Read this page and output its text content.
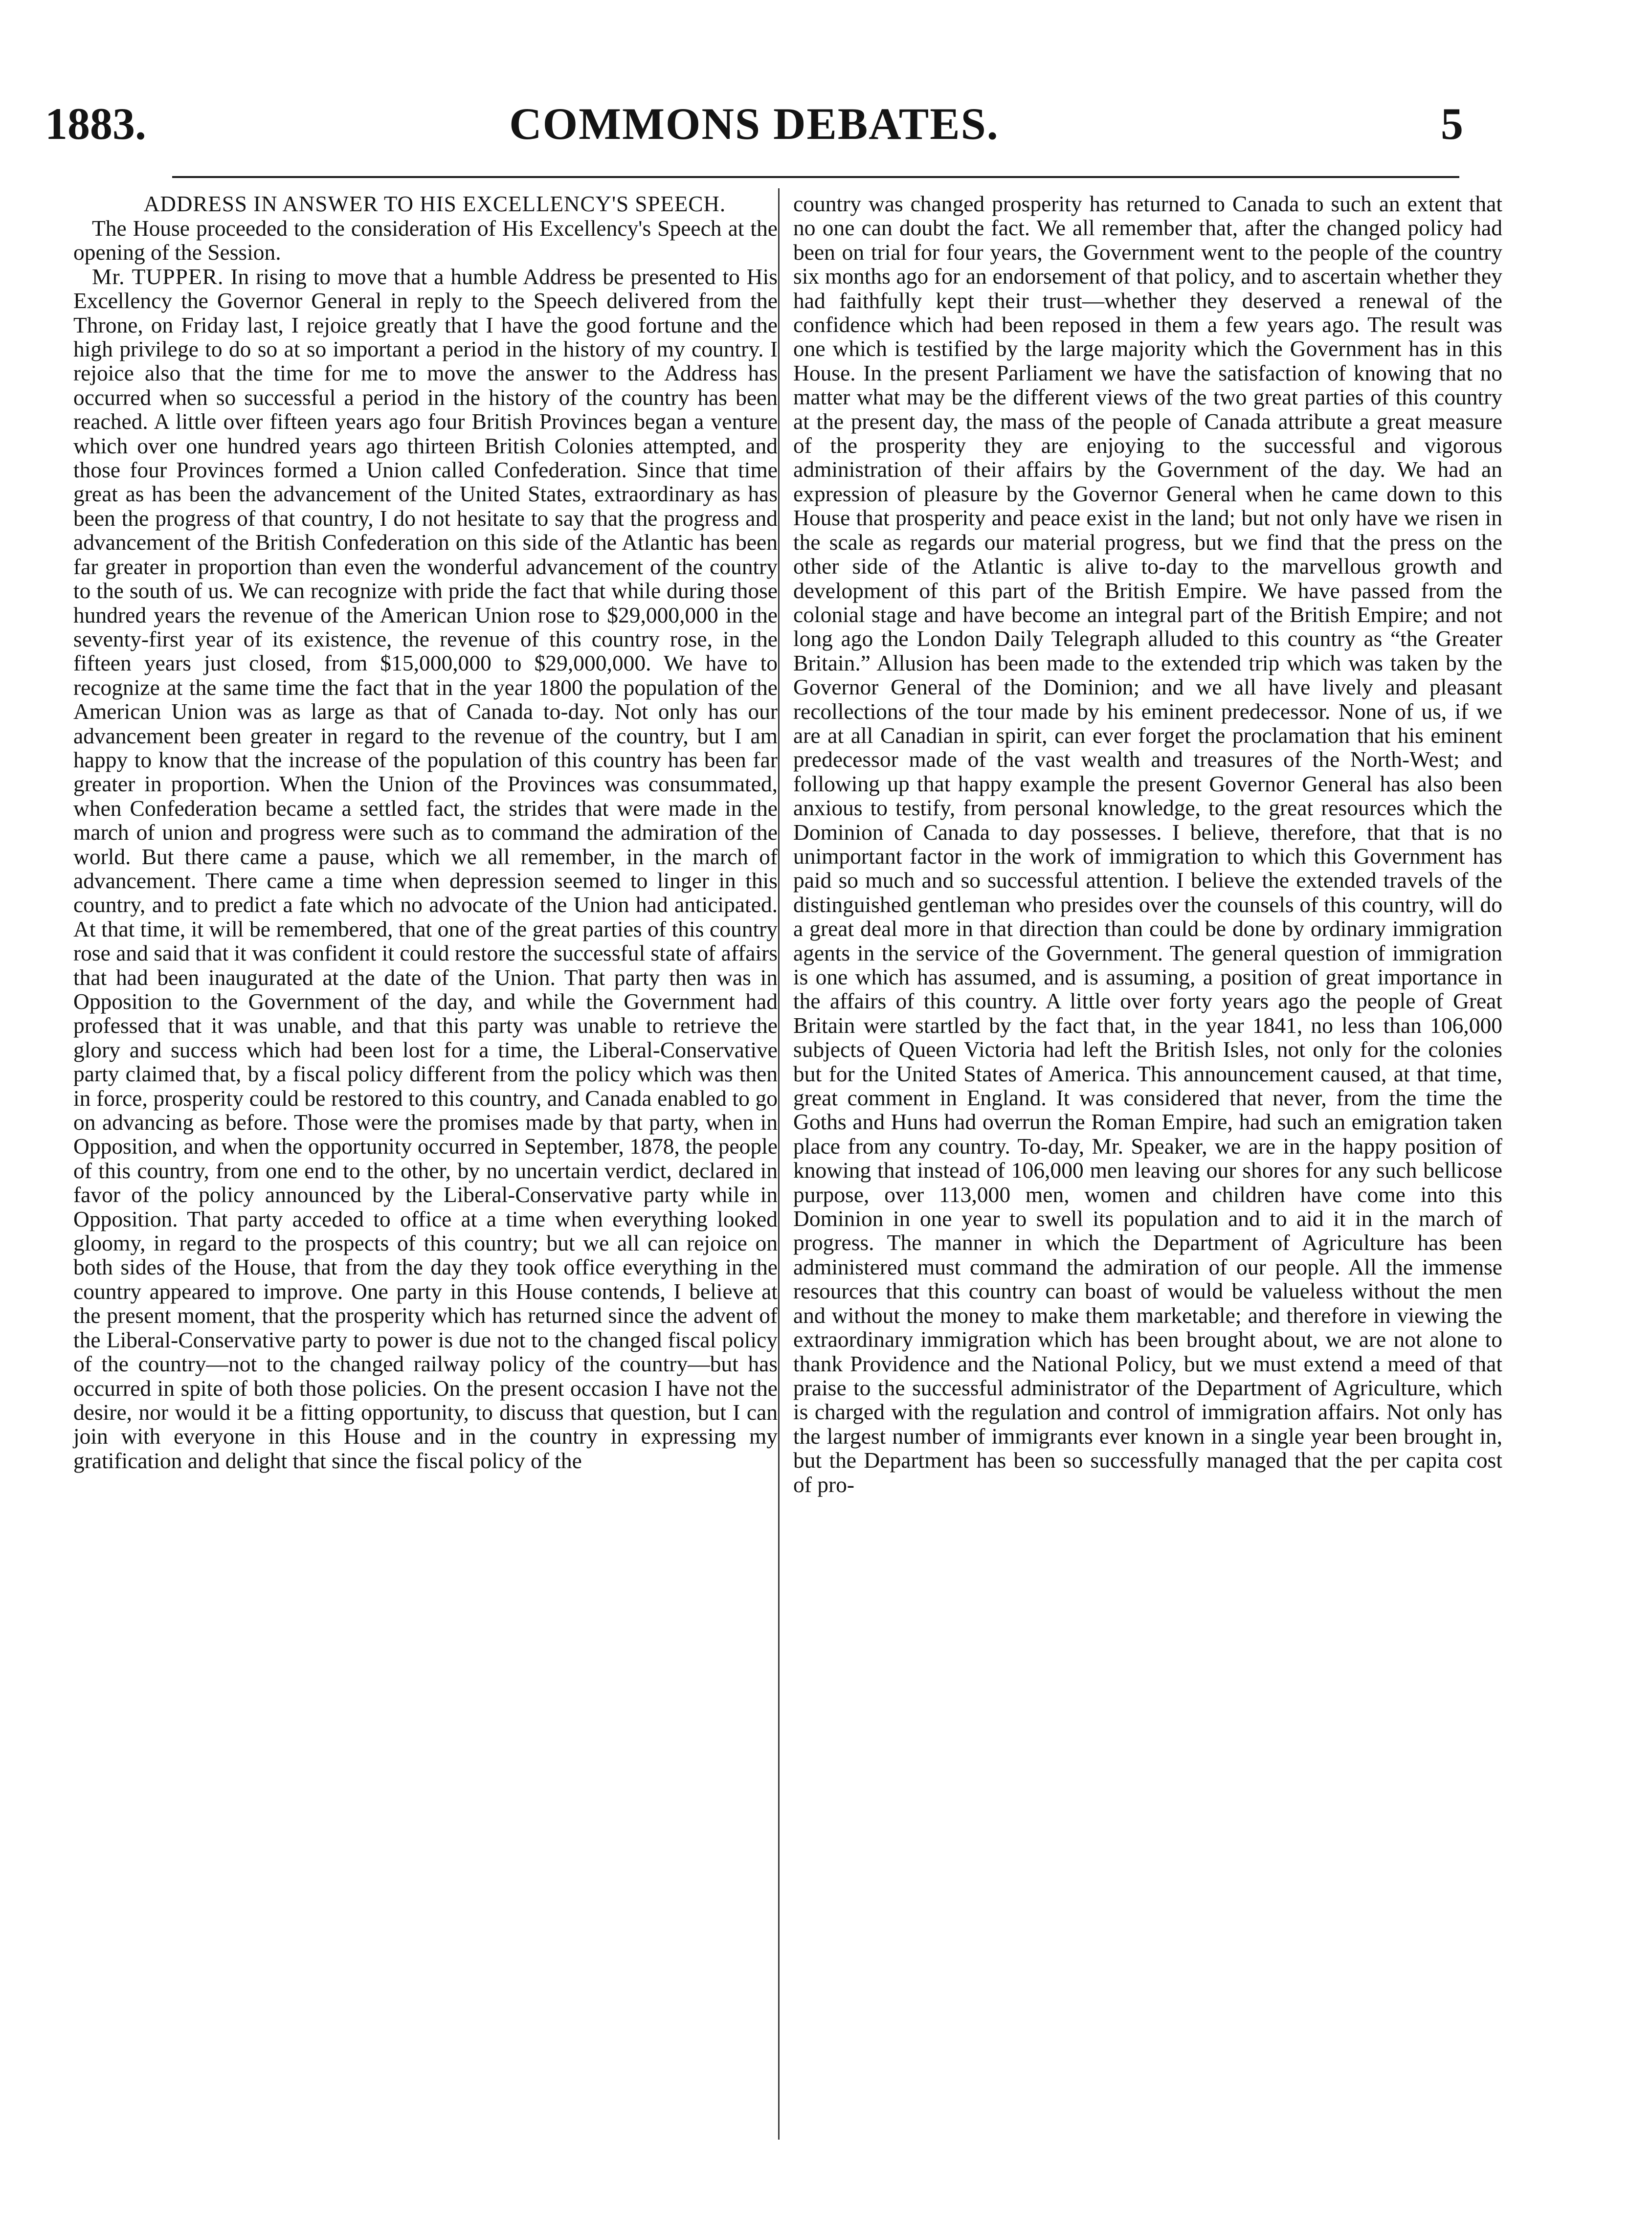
1883.	COMMONS DEBATES.	5

ADDRESS IN ANSWER TO HIS EXCELLENCY'S SPEECH.

The House proceeded to the consideration of His Excellency's Speech at the opening of the Session.

Mr. TUPPER. In rising to move that a humble Address be presented to His Excellency the Governor General in reply to the Speech delivered from the Throne, on Friday last, I rejoice greatly that I have the good fortune and the high privilege to do so at so important a period in the history of my country. I rejoice also that the time for me to move the answer to the Address has occurred when so successful a period in the history of the country has been reached. A little over fifteen years ago four British Provinces began a venture which over one hundred years ago thirteen British Colonies attempted, and those four Provinces formed a Union called Confederation. Since that time great as has been the advancement of the United States, extraordinary as has been the progress of that country, I do not hesitate to say that the progress and advancement of the British Confederation on this side of the Atlantic has been far greater in proportion than even the wonderful advancement of the country to the south of us. We can recognize with pride the fact that while during those hundred years the revenue of the American Union rose to $29,000,000 in the seventy-first year of its existence, the revenue of this country rose, in the fifteen years just closed, from $15,000,000 to $29,000,000. We have to recognize at the same time the fact that in the year 1800 the population of the American Union was as large as that of Canada to-day. Not only has our advancement been greater in regard to the revenue of the country, but I am happy to know that the increase of the population of this country has been far greater in proportion. When the Union of the Provinces was consummated, when Confederation became a settled fact, the strides that were made in the march of union and progress were such as to command the admiration of the world. But there came a pause, which we all remember, in the march of advancement. There came a time when depression seemed to linger in this country, and to predict a fate which no advocate of the Union had anticipated. At that time, it will be remembered, that one of the great parties of this country rose and said that it was confident it could restore the successful state of affairs that had been inaugurated at the date of the Union. That party then was in Opposition to the Government of the day, and while the Government had professed that it was unable, and that this party was unable to retrieve the glory and success which had been lost for a time, the Liberal-Conservative party claimed that, by a fiscal policy different from the policy which was then in force, prosperity could be restored to this country, and Canada enabled to go on advancing as before. Those were the promises made by that party, when in Opposition, and when the opportunity occurred in September, 1878, the people of this country, from one end to the other, by no uncertain verdict, declared in favor of the policy announced by the Liberal-Conservative party while in Opposition. That party acceded to office at a time when everything looked gloomy, in regard to the prospects of this country; but we all can rejoice on both sides of the House, that from the day they took office everything in the country appeared to improve. One party in this House contends, I believe at the present moment, that the prosperity which has returned since the advent of the Liberal-Conservative party to power is due not to the changed fiscal policy of the country—not to the changed railway policy of the country—but has occurred in spite of both those policies. On the present occasion I have not the desire, nor would it be a fitting opportunity, to discuss that question, but I can join with everyone in this House and in the country in expressing my gratification and delight that since the fiscal policy of the

country was changed prosperity has returned to Canada to such an extent that no one can doubt the fact. We all remember that, after the changed policy had been on trial for four years, the Government went to the people of the country six months ago for an endorsement of that policy, and to ascertain whether they had faithfully kept their trust—whether they deserved a renewal of the confidence which had been reposed in them a few years ago. The result was one which is testified by the large majority which the Government has in this House. In the present Parliament we have the satisfaction of knowing that no matter what may be the different views of the two great parties of this country at the present day, the mass of the people of Canada attribute a great measure of the prosperity they are enjoying to the successful and vigorous administration of their affairs by the Government of the day. We had an expression of pleasure by the Governor General when he came down to this House that prosperity and peace exist in the land; but not only have we risen in the scale as regards our material progress, but we find that the press on the other side of the Atlantic is alive to-day to the marvellous growth and development of this part of the British Empire. We have passed from the colonial stage and have become an integral part of the British Empire; and not long ago the London Daily Telegraph alluded to this country as “the Greater Britain.” Allusion has been made to the extended trip which was taken by the Governor General of the Dominion; and we all have lively and pleasant recollections of the tour made by his eminent predecessor. None of us, if we are at all Canadian in spirit, can ever forget the proclamation that his eminent predecessor made of the vast wealth and treasures of the North-West; and following up that happy example the present Governor General has also been anxious to testify, from personal knowledge, to the great resources which the Dominion of Canada to day possesses. I believe, therefore, that that is no unimportant factor in the work of immigration to which this Government has paid so much and so successful attention. I believe the extended travels of the distinguished gentleman who presides over the counsels of this country, will do a great deal more in that direction than could be done by ordinary immigration agents in the service of the Government. The general question of immigration is one which has assumed, and is assuming, a position of great importance in the affairs of this country. A little over forty years ago the people of Great Britain were startled by the fact that, in the year 1841, no less than 106,000 subjects of Queen Victoria had left the British Isles, not only for the colonies but for the United States of America. This announcement caused, at that time, great comment in England. It was considered that never, from the time the Goths and Huns had overrun the Roman Empire, had such an emigration taken place from any country. To-day, Mr. Speaker, we are in the happy position of knowing that instead of 106,000 men leaving our shores for any such bellicose purpose, over 113,000 men, women and children have come into this Dominion in one year to swell its population and to aid it in the march of progress. The manner in which the Department of Agriculture has been administered must command the admiration of our people. All the immense resources that this country can boast of would be valueless without the men and without the money to make them marketable; and therefore in viewing the extraordinary immigration which has been brought about, we are not alone to thank Providence and the National Policy, but we must extend a meed of that praise to the successful administrator of the Department of Agriculture, which is charged with the regulation and control of immigration affairs. Not only has the largest number of immigrants ever known in a single year been brought in, but the Department has been so successfully managed that the per capita cost of pro-
